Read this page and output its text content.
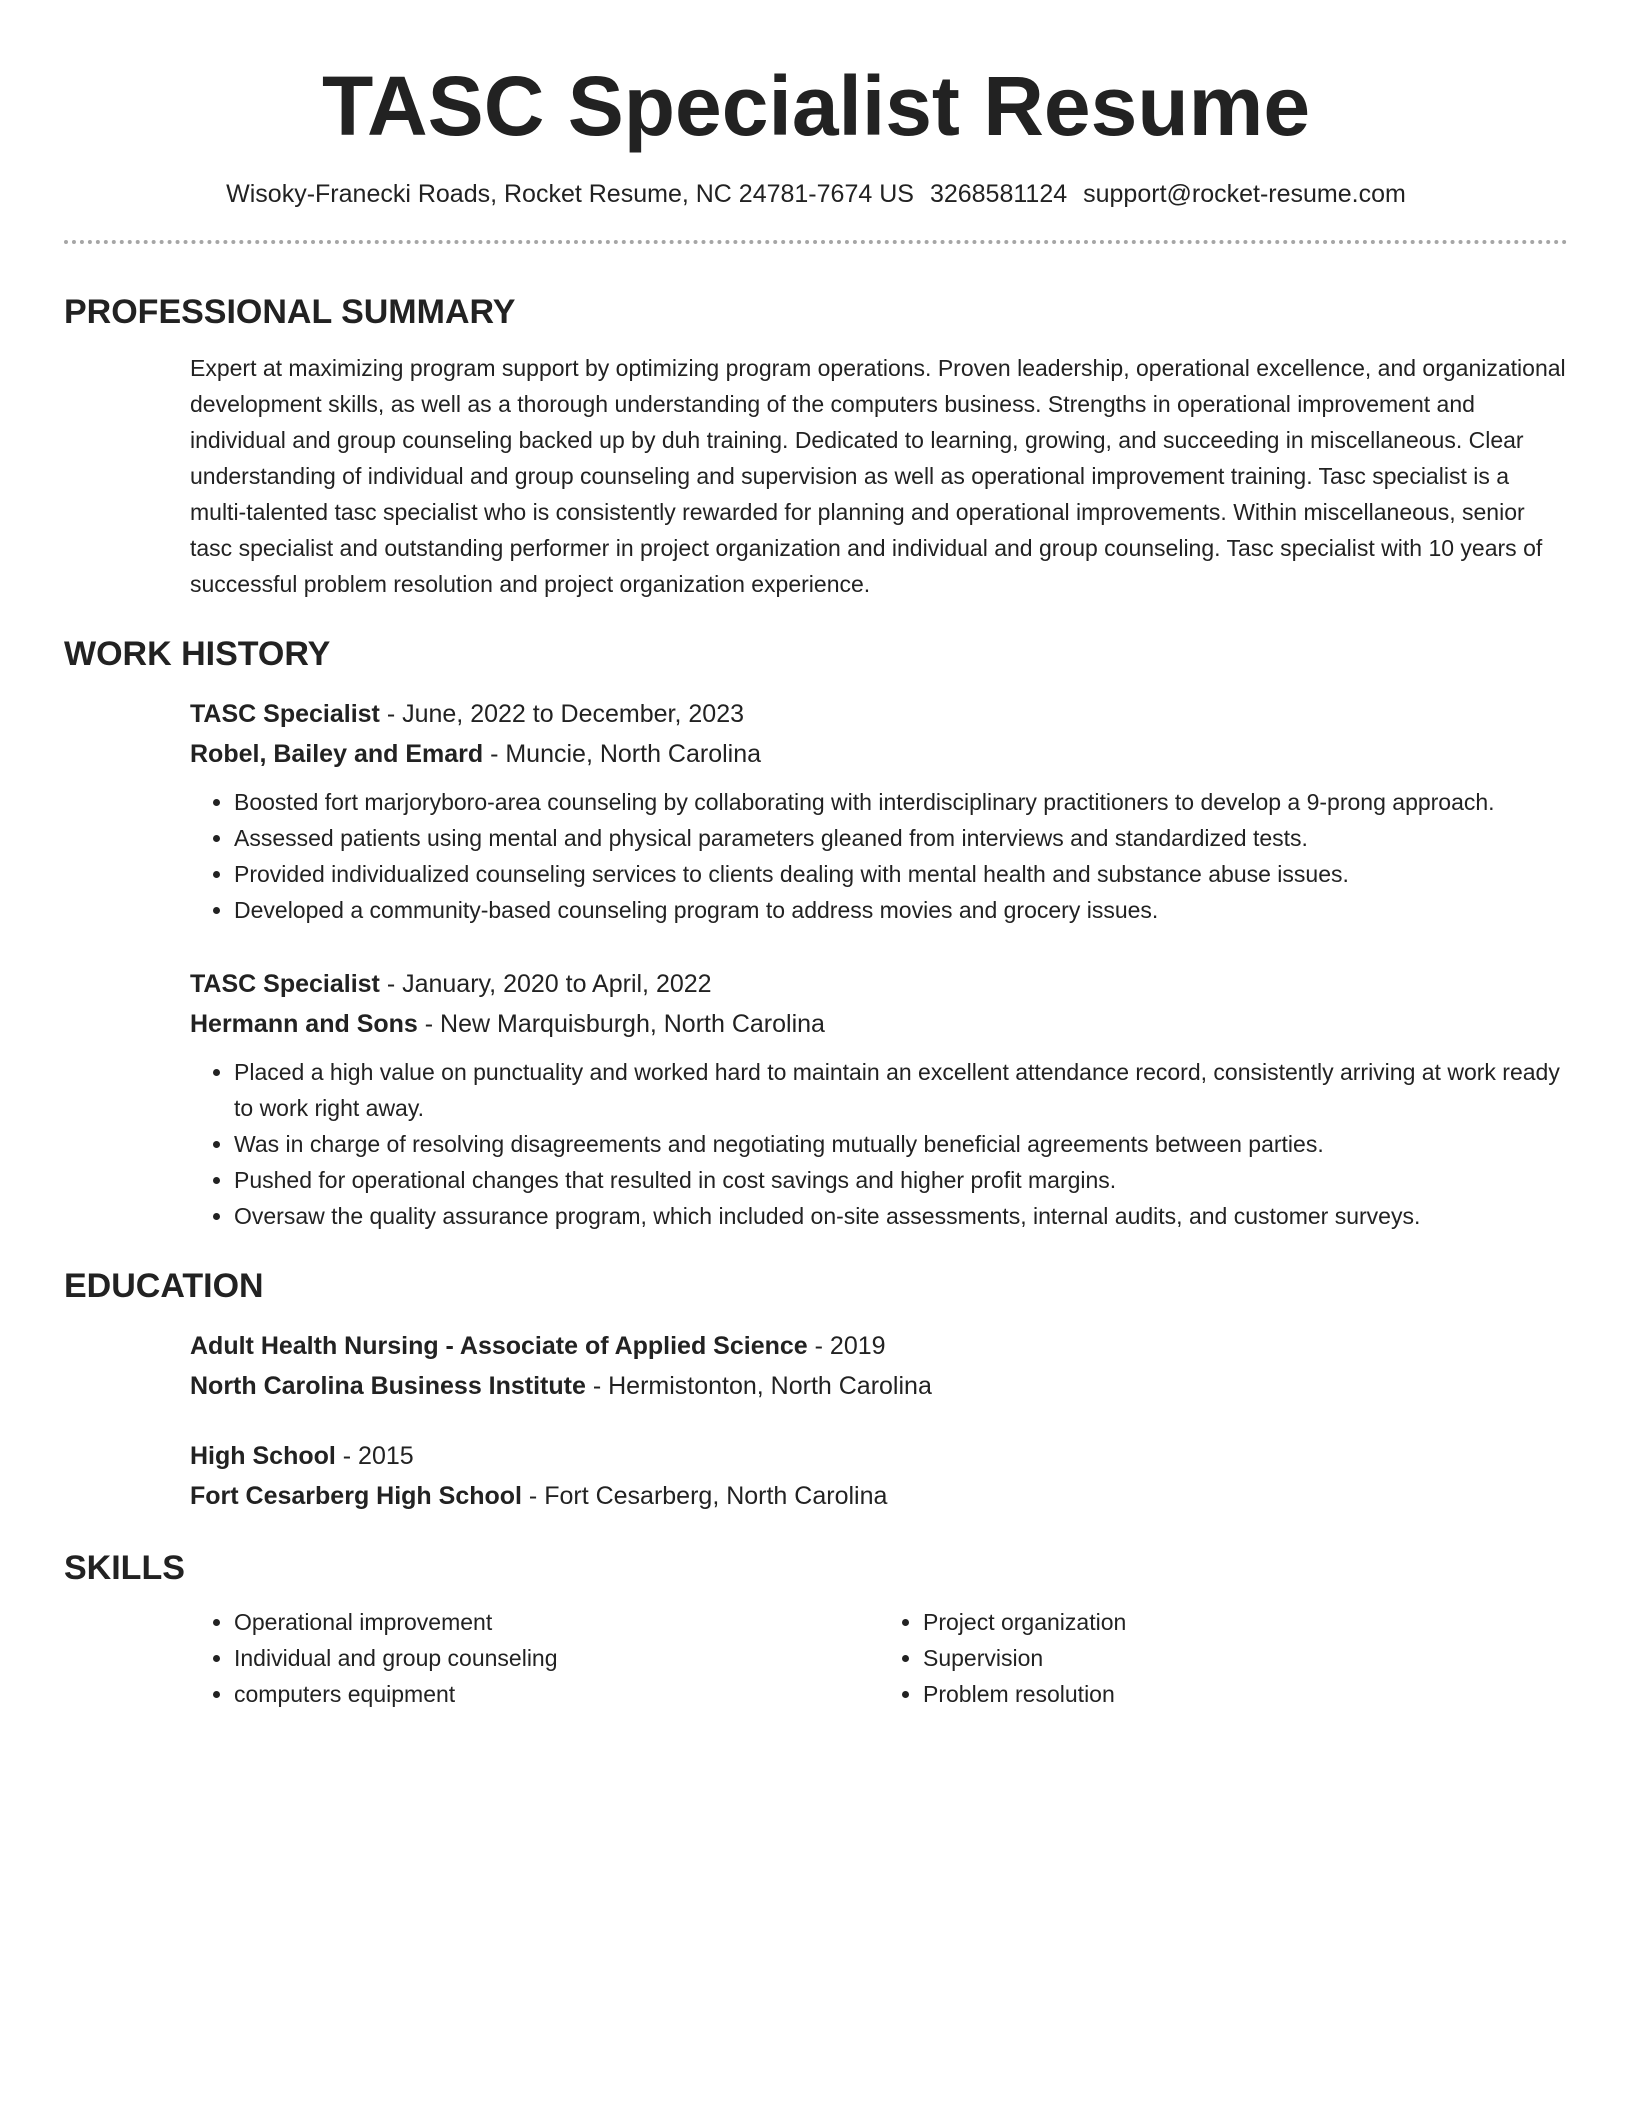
TASC Specialist Resume
Wisoky-Franecki Roads, Rocket Resume, NC 24781-7674 US 3268581124 support@rocket-resume.com
PROFESSIONAL SUMMARY

Expert at maximizing program support by optimizing program operations. Proven leadership, operational excellence, and organizational development skills, as well as a thorough understanding of the computers business. Strengths in operational improvement and individual and group counseling backed up by duh training. Dedicated to learning, growing, and succeeding in miscellaneous. Clear understanding of individual and group counseling and supervision as well as operational improvement training. Tasc specialist is a multi-talented tasc specialist who is consistently rewarded for planning and operational improvements. Within miscellaneous, senior tasc specialist and outstanding performer in project organization and individual and group counseling. Tasc specialist with 10 years of successful problem resolution and project organization experience.

WORK HISTORY

TASC Specialist - June, 2022 to December, 2023

Robel, Bailey and Emard - Muncie, North Carolina

• Boosted fort marjoryboro-area counseling by collaborating with interdisciplinary practitioners to develop a 9-prong approach.
• Assessed patients using mental and physical parameters gleaned from interviews and standardized tests.
• Provided individualized counseling services to clients dealing with mental health and substance abuse issues.
• Developed a community-based counseling program to address movies and grocery issues.

TASC Specialist - January, 2020 to April, 2022

Hermann and Sons - New Marquisburgh, North Carolina

• Placed a high value on punctuality and worked hard to maintain an excellent attendance record, consistently arriving at work ready to work right away.
• Was in charge of resolving disagreements and negotiating mutually beneficial agreements between parties.
• Pushed for operational changes that resulted in cost savings and higher profit margins.
• Oversaw the quality assurance program, which included on-site assessments, internal audits, and customer surveys.
EDUCATION

Adult Health Nursing - Associate of Applied Science - 2019

North Carolina Business Institute - Hermistonton, North Carolina

High School - 2015

Fort Cesarberg High School - Fort Cesarberg, North Carolina

SKILLS
• Operational improvement
• Individual and group counseling
• computers equipment
• Project organization
• Supervision
• Problem resolution
